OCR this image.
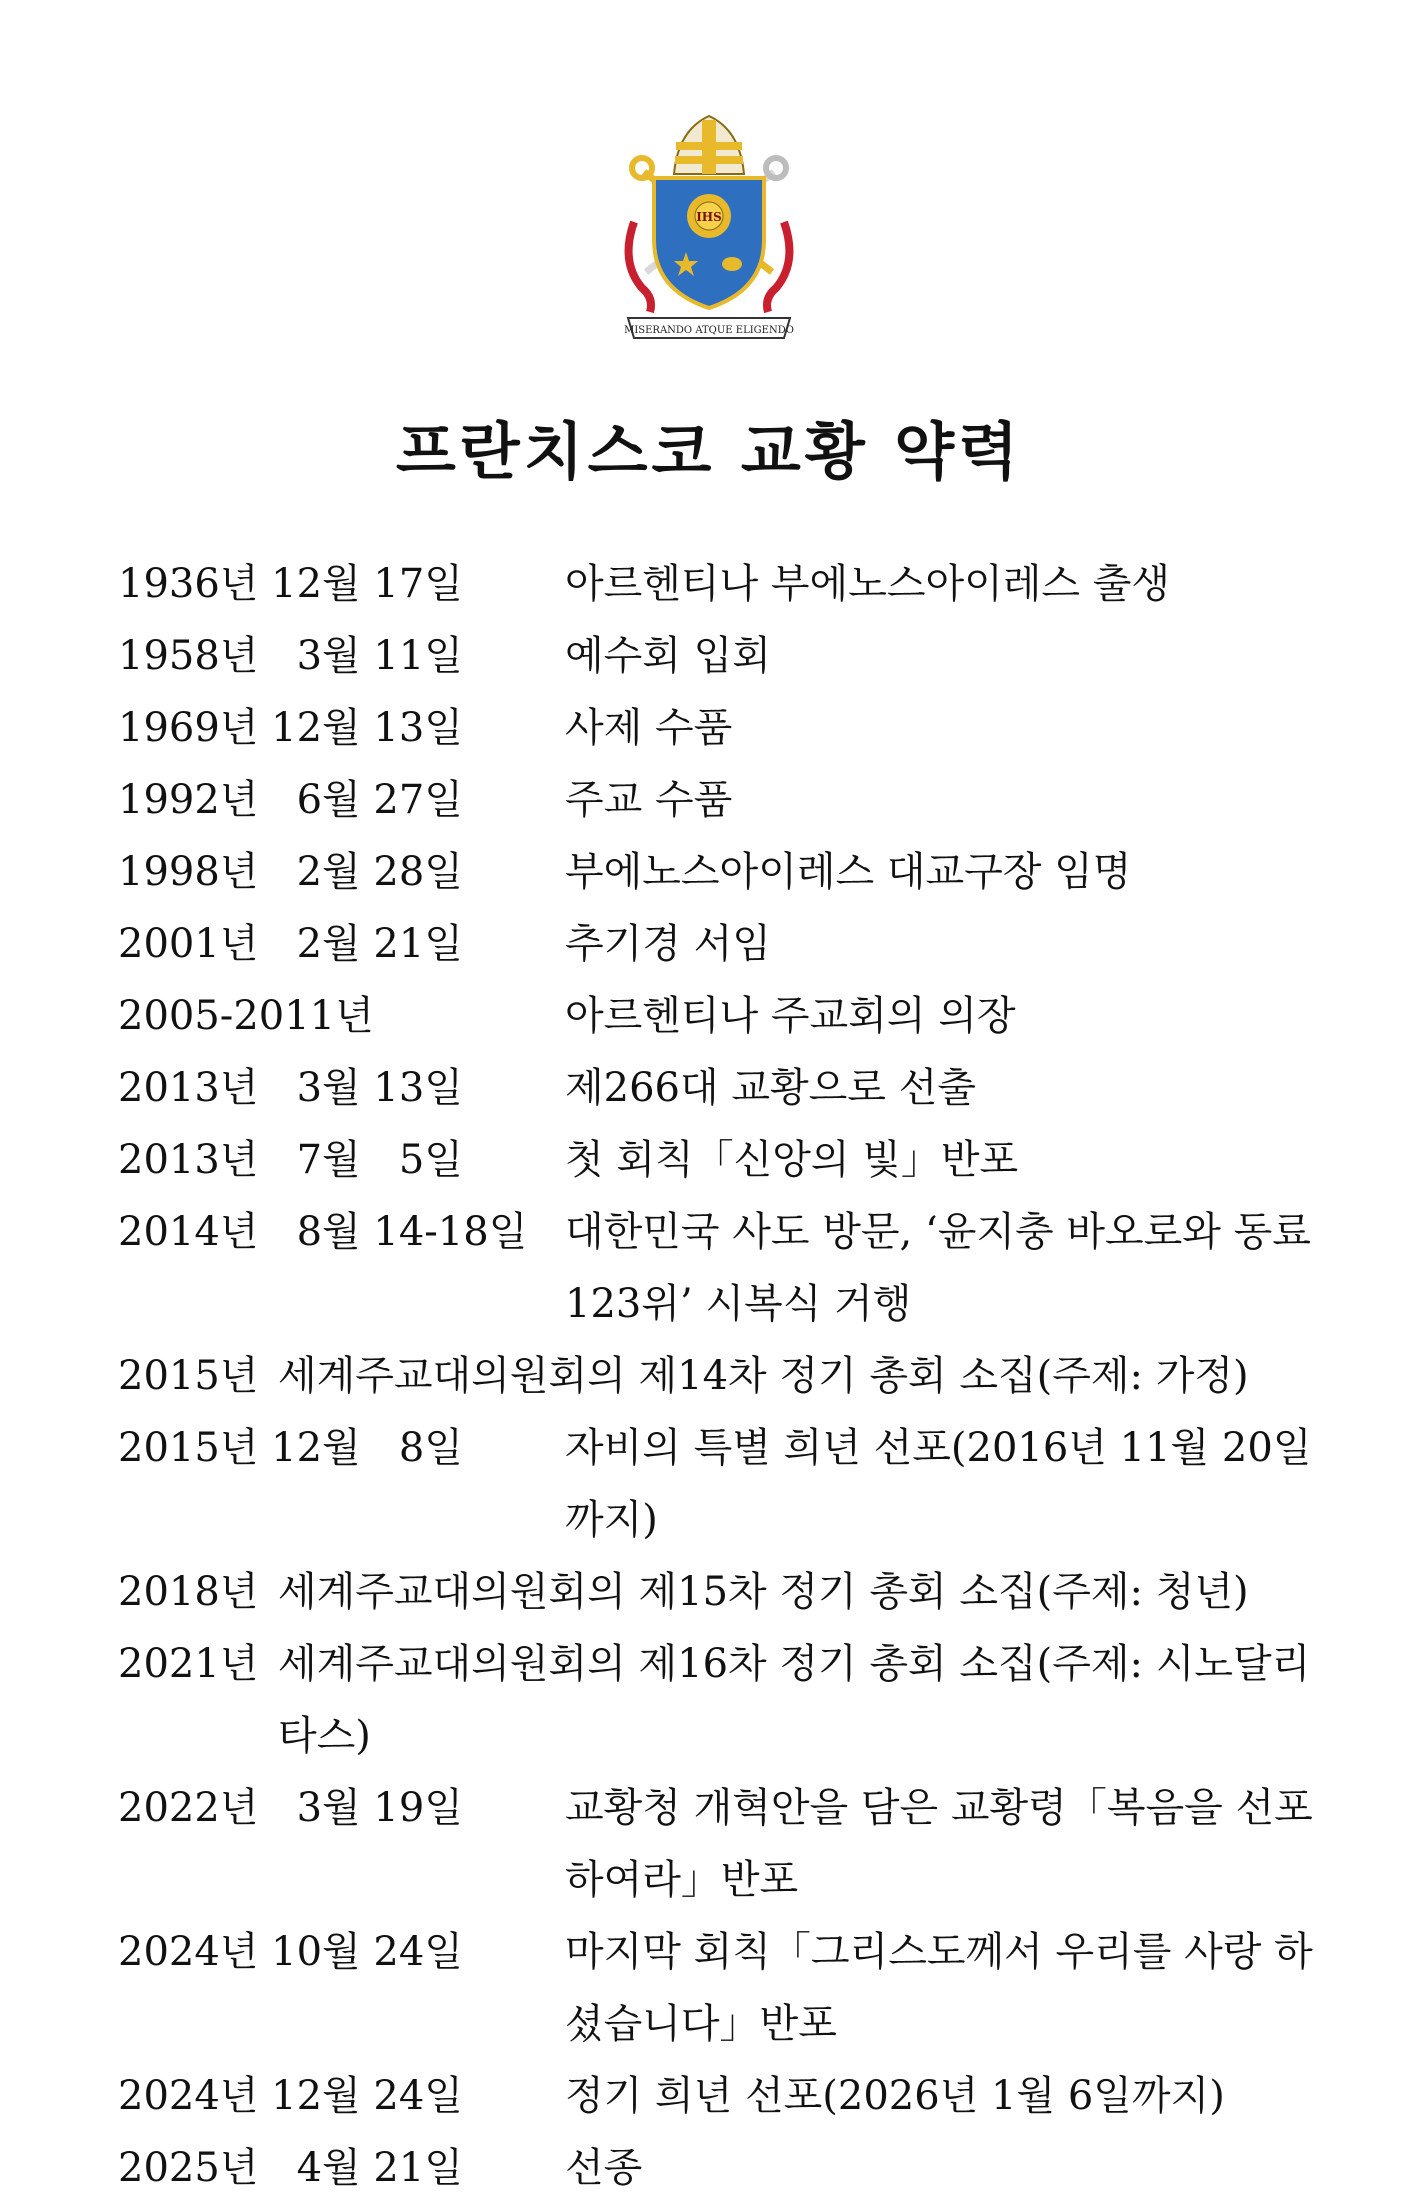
IHS
MISERANDO ATQUE ELIGENDO
프란치스코 교황 약력
1936년 12월 17일	아르헨티나 부에노스아이레스 출생
1958년   3월 11일	예수회 입회
1969년 12월 13일	사제 수품
1992년   6월 27일	주교 수품
1998년   2월 28일	부에노스아이레스 대교구장 임명
2001년   2월 21일	추기경 서임
2005-2011년	아르헨티나 주교회의 의장
2013년   3월 13일	제266대 교황으로 선출
2013년   7월   5일	첫 회칙「신앙의 빛」반포
2014년   8월 14-18일 대한민국 사도 방문, ‘윤지충 바오로와 동료 123위’ 시복식 거행
2015년 세계주교대의원회의 제14차 정기 총회 소집(주제: 가정)
2015년 12월   8일	자비의 특별 희년 선포(2016년 11월 20일까지)
2018년 세계주교대의원회의 제15차 정기 총회 소집(주제: 청년)
2021년 세계주교대의원회의 제16차 정기 총회 소집(주제: 시노달리타스)
2022년   3월 19일	교황청 개혁안을 담은 교황령「복음을 선포 하여라」반포
2024년 10월 24일	마지막 회칙「그리스도께서 우리를 사랑 하셨습니다」반포
2024년 12월 24일	정기 희년 선포(2026년 1월 6일까지)
2025년   4월 21일	선종
